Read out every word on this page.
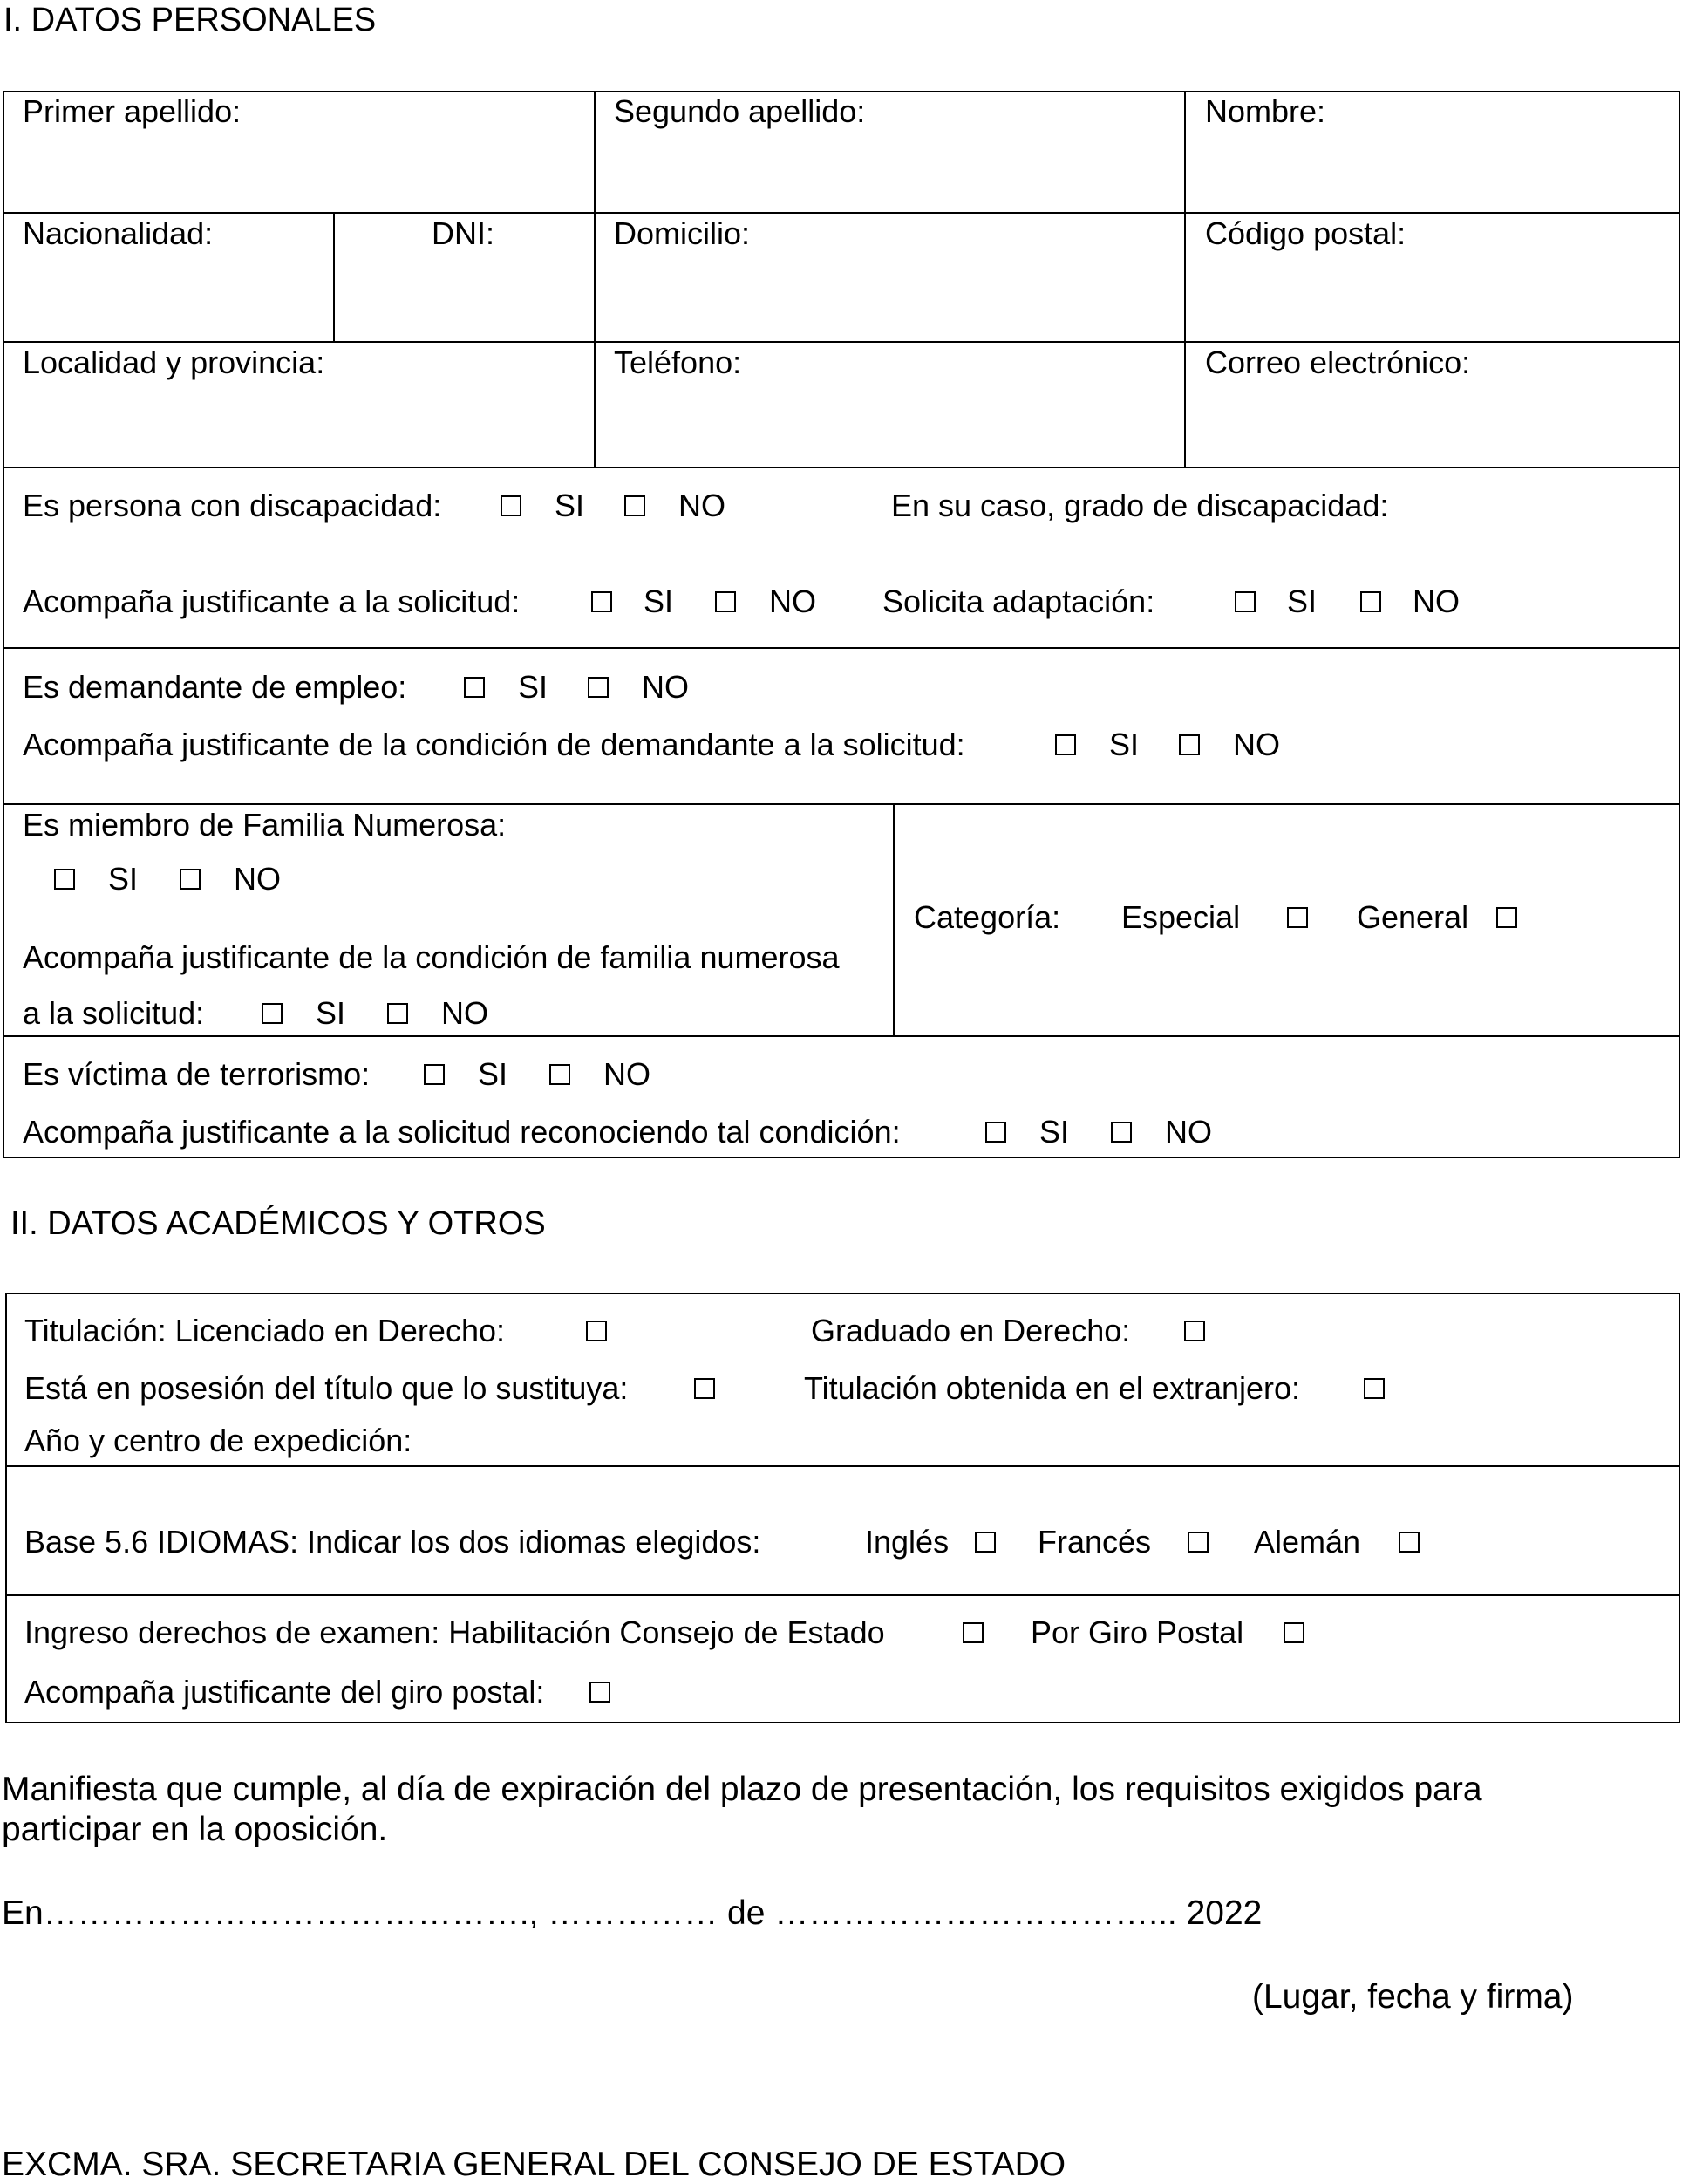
I. DATOS PERSONALES
Primer apellido:	Segundo apellido:	Nombre:
Nacionalidad:	DNI:	Domicilio:	Código postal:
Localidad y provincia:	Teléfono:	Correo electrónico:
Es persona con discapacidad:	SI	NO	En su caso, grado de discapacidad:
Acompaña justificante a la solicitud:	SI	NO Solicita adaptación:	SI	NO
Es demandante de empleo:	SI	NO
Acompaña justificante de la condición de demandante a la solicitud:	SI	NO
Es miembro de Familia Numerosa:
SI	NO
Acompaña justificante de la condición de familia numerosa
a la solicitud:	SI	NO
Categoría: Especial	General
Es víctima de terrorismo:	SI	NO
Acompaña justificante a la solicitud reconociendo tal condición:	SI	NO
II. DATOS ACADÉMICOS Y OTROS
Titulación: Licenciado en Derecho:	Graduado en Derecho:
Está en posesión del título que lo sustituya:	Titulación obtenida en el extranjero:
Año y centro de expedición:
Base 5.6 IDIOMAS: Indicar los dos idiomas elegidos:	Inglés	Francés	Alemán
Ingreso derechos de examen: Habilitación Consejo de Estado	Por Giro Postal
Acompaña justificante del giro postal:
Manifiesta que cumple, al día de expiración del plazo de presentación, los requisitos exigidos para
participar en la oposición.
En……………………………………., …………… de ……………………………... 2022
(Lugar, fecha y firma)
EXCMA. SRA. SECRETARIA GENERAL DEL CONSEJO DE ESTADO
